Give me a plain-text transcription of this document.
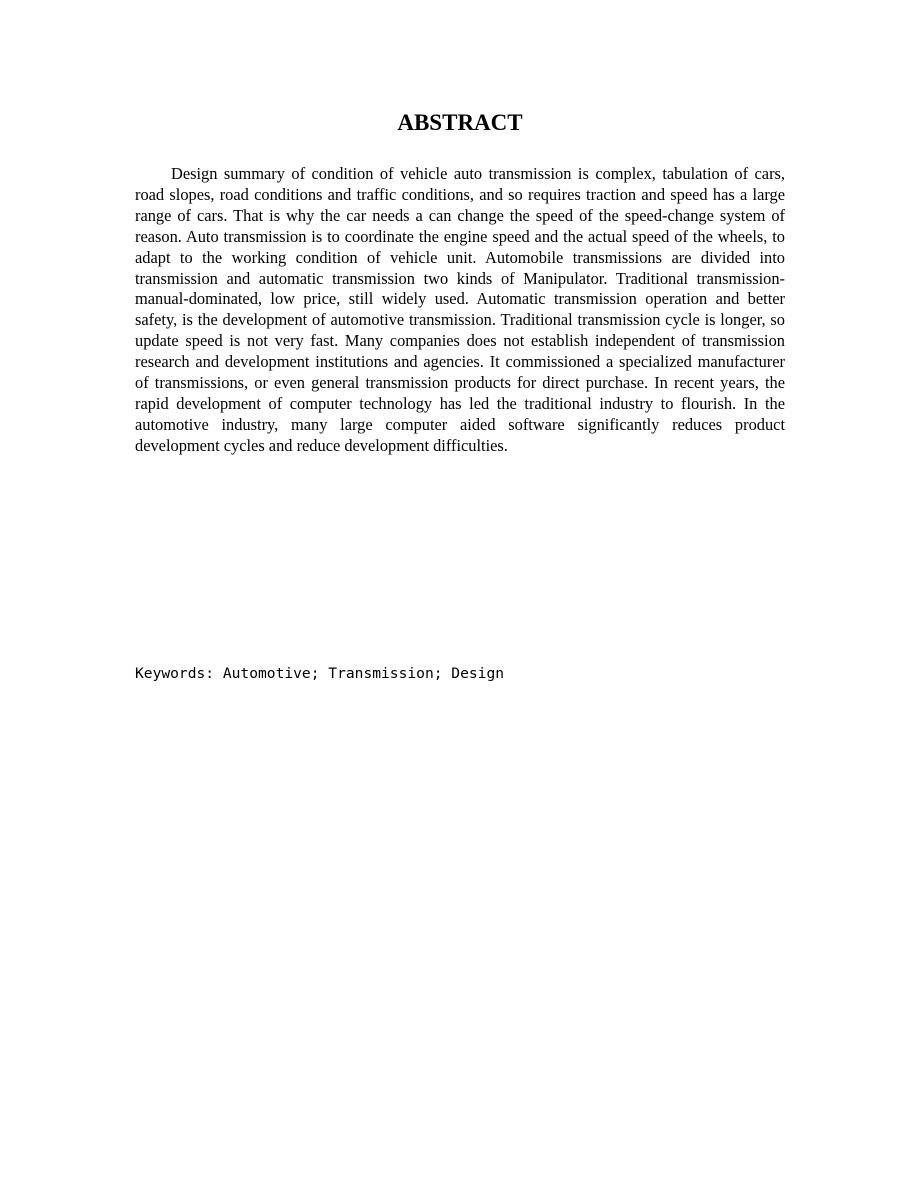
ABSTRACT

Design summary of condition of vehicle auto transmission is complex, tabulation of cars, road slopes, road conditions and traffic conditions, and so requires traction and speed has a large range of cars. That is why the car needs a can change the speed of the speed-change system of reason. Auto transmission is to coordinate the engine speed and the actual speed of the wheels, to adapt to the working condition of vehicle unit. Automobile transmissions are divided into transmission and automatic transmission two kinds of Manipulator. Traditional transmission-manual-dominated, low price, still widely used. Automatic transmission operation and better safety, is the development of automotive transmission. Traditional transmission cycle is longer, so update speed is not very fast. Many companies does not establish independent of transmission research and development institutions and agencies. It commissioned a specialized manufacturer of transmissions, or even general transmission products for direct purchase. In recent years, the rapid development of computer technology has led the traditional industry to flourish. In the automotive industry, many large computer aided software significantly reduces product development cycles and reduce development difficulties.

Keywords: Automotive; Transmission; Design
